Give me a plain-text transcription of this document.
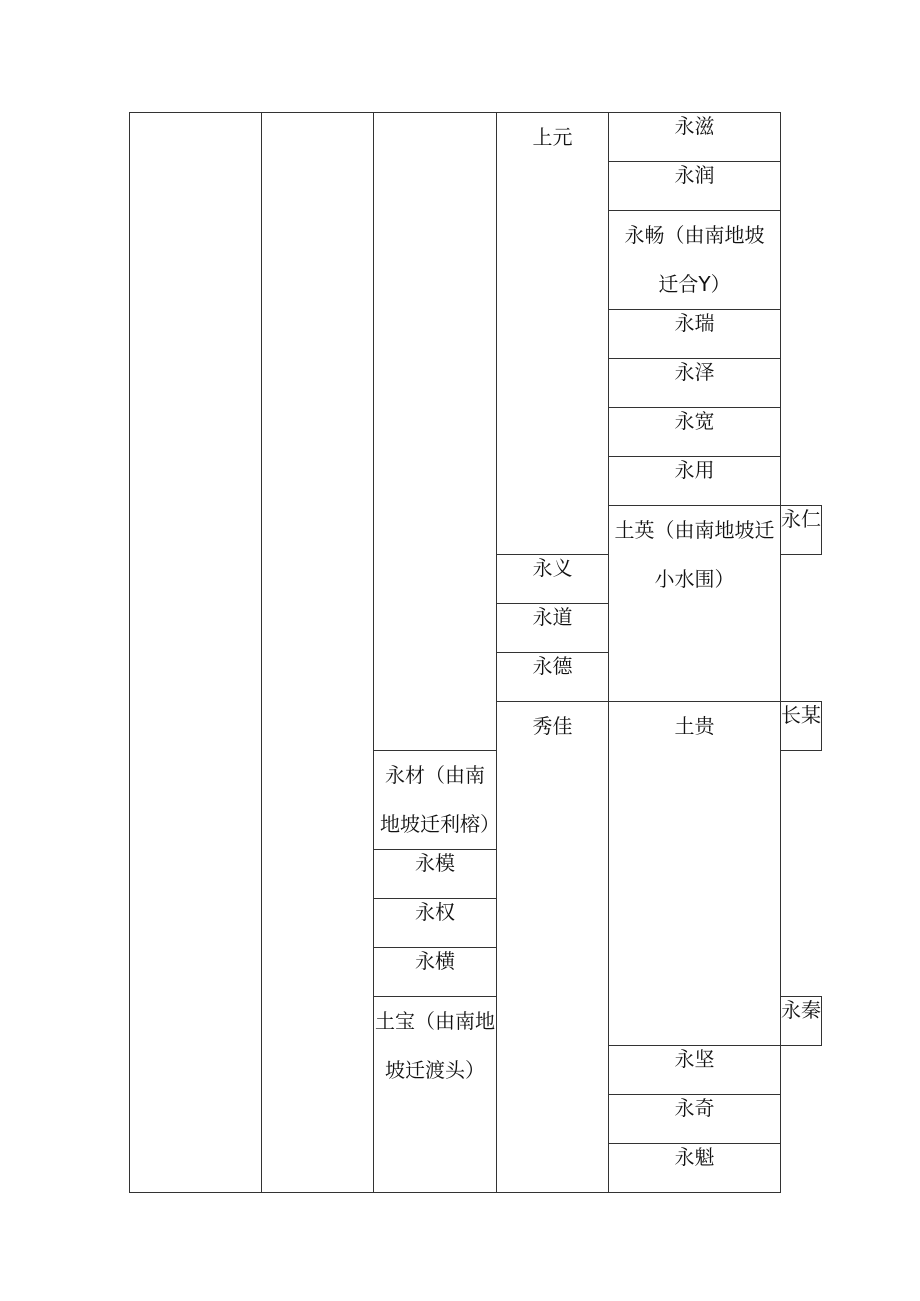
			上元	永滋	
				永润	
				永畅（由南地坡迁合Y）	
				永瑞	
				永泽	
				永宽	
				永用	
				土英（由南地坡迁小水围）	永仁
			永义		
			永道		
			永德		
			秀佳	土贵	长某
		永材（由南地坡迁利榕）			
		永模			
		永权			
		永横			
		土宝（由南地坡迁渡头）			永秦
				永坚	
				永奇	
				永魁	
